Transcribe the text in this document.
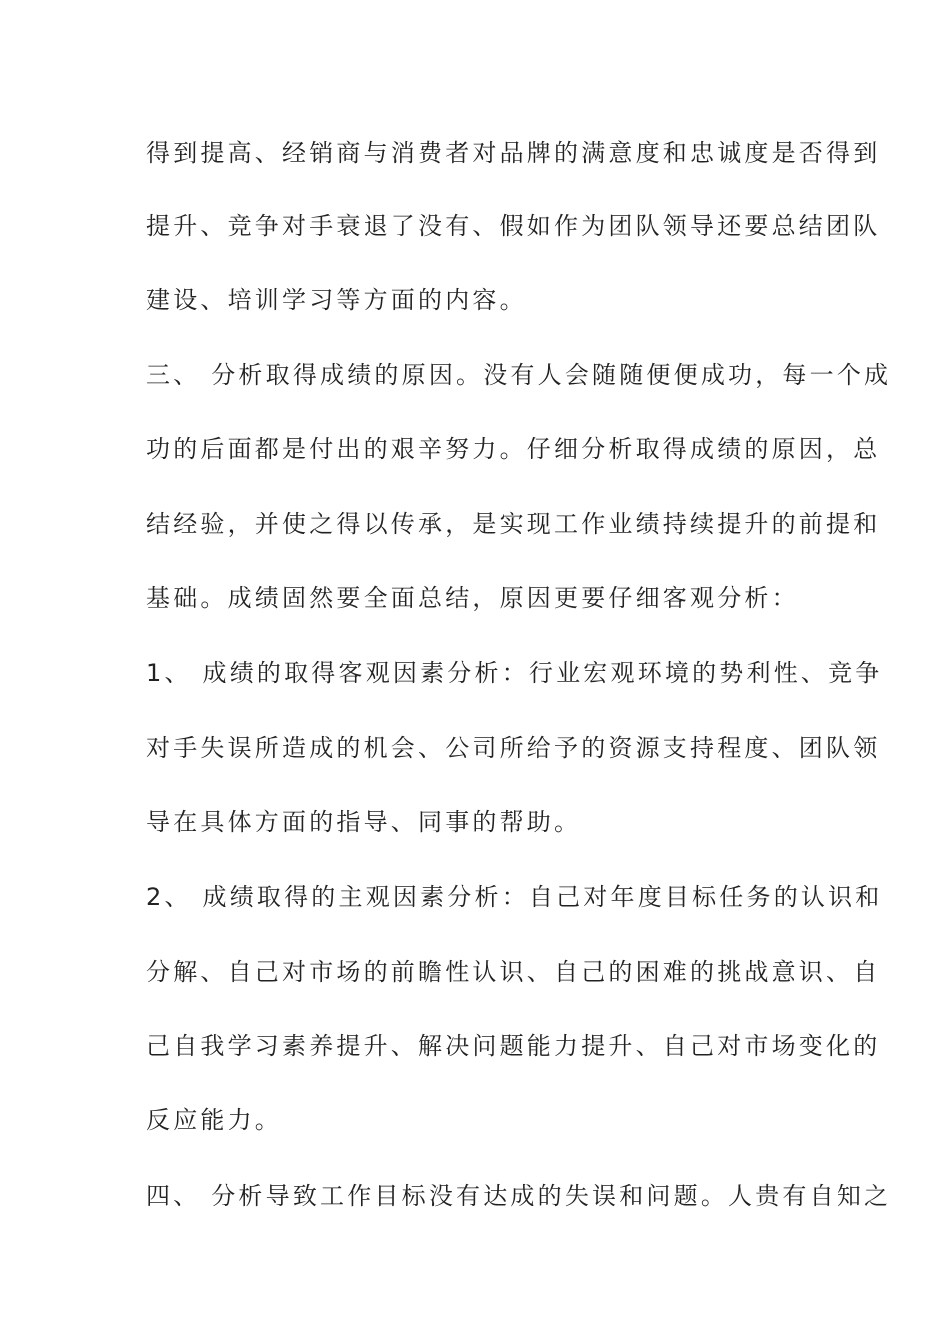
得到提高、经销商与消费者对品牌的满意度和忠诚度是否得到
提升、竞争对手衰退了没有、假如作为团队领导还要总结团队
建设、培训学习等方面的内容。
三、 分析取得成绩的原因。没有人会随随便便成功，每一个成
功的后面都是付出的艰辛努力。仔细分析取得成绩的原因，总
结经验，并使之得以传承，是实现工作业绩持续提升的前提和
基础。成绩固然要全面总结，原因更要仔细客观分析：
1、 成绩的取得客观因素分析：行业宏观环境的势利性、竞争
对手失误所造成的机会、公司所给予的资源支持程度、团队领
导在具体方面的指导、同事的帮助。
2、 成绩取得的主观因素分析：自己对年度目标任务的认识和
分解、自己对市场的前瞻性认识、自己的困难的挑战意识、自
己自我学习素养提升、解决问题能力提升、自己对市场变化的
反应能力。
四、 分析导致工作目标没有达成的失误和问题。人贵有自知之
